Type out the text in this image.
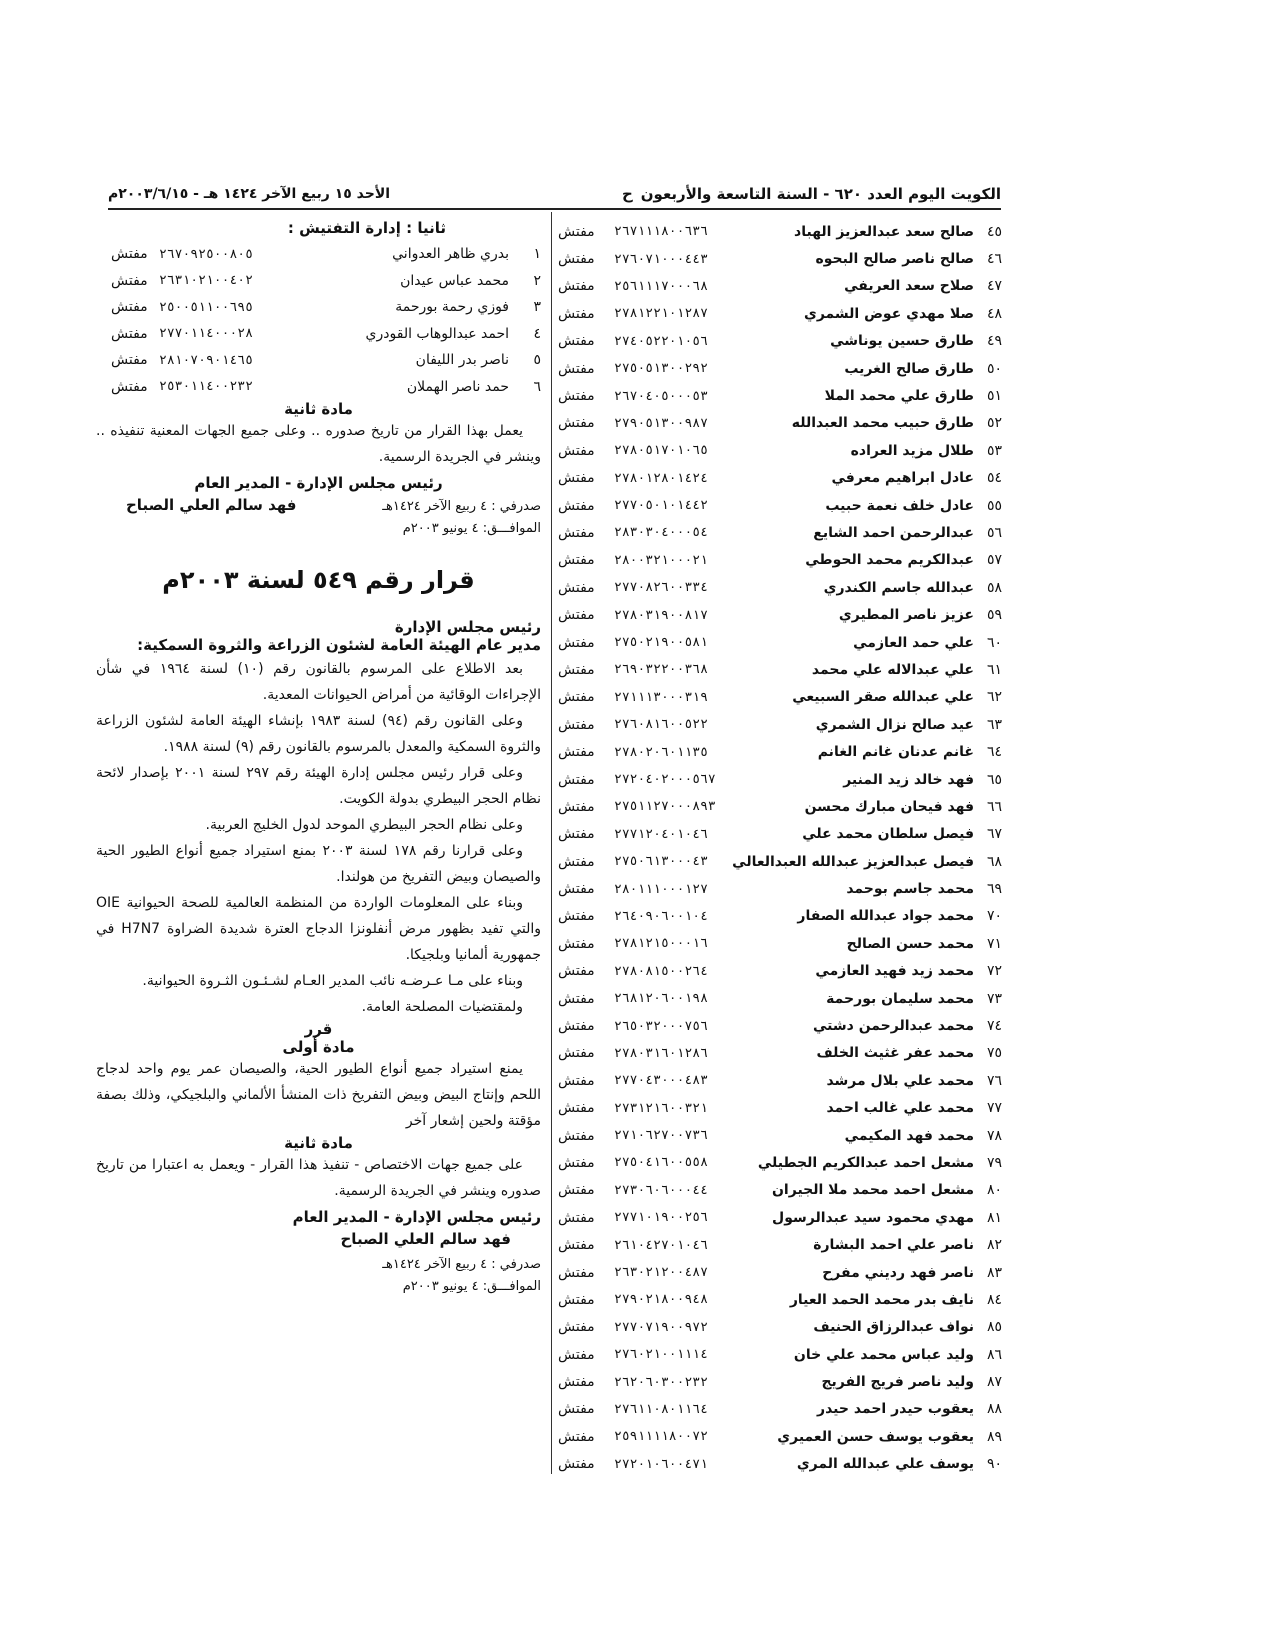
الكويت اليوم العدد ٦٢٠ - السنة التاسعة والأربعون
ح
الأحد ١٥ ربيع الآخر ١٤٢٤ هـ - ٢٠٠٣/٦/١٥م
٤٥
صالح سعد عبدالعزيز الهباد
٢٦٧١١١٨٠٠٦٣٦
مفتش
٤٦
صالح ناصر صالح البحوه
٢٧٦٠٧١٠٠٠٤٤٣
مفتش
٤٧
صلاح سعد العريفي
٢٥٦١١١٧٠٠٠٦٨
مفتش
٤٨
صلا مهدي عوض الشمري
٢٧٨١٢٢١٠١٢٨٧
مفتش
٤٩
طارق حسين يوناشي
٢٧٤٠٥٢٢٠١٠٥٦
مفتش
٥٠
طارق صالح الغريب
٢٧٥٠٥١٣٠٠٢٩٢
مفتش
٥١
طارق علي محمد الملا
٢٦٧٠٤٠٥٠٠٠٥٣
مفتش
٥٢
طارق حبيب محمد العبدالله
٢٧٩٠٥١٣٠٠٩٨٧
مفتش
٥٣
طلال مزيد العراده
٢٧٨٠٥١٧٠١٠٦٥
مفتش
٥٤
عادل ابراهيم معرفي
٢٧٨٠١٢٨٠١٤٢٤
مفتش
٥٥
عادل خلف نعمة حبيب
٢٧٧٠٥٠١٠١٤٤٢
مفتش
٥٦
عبدالرحمن احمد الشايع
٢٨٣٠٣٠٤٠٠٠٥٤
مفتش
٥٧
عبدالكريم محمد الحوطي
٢٨٠٠٣٢١٠٠٠٢١
مفتش
٥٨
عبدالله جاسم الكندري
٢٧٧٠٨٢٦٠٠٣٣٤
مفتش
٥٩
عزيز ناصر المطيري
٢٧٨٠٣١٩٠٠٨١٧
مفتش
٦٠
علي حمد العازمي
٢٧٥٠٢١٩٠٠٥٨١
مفتش
٦١
علي عبدالاله علي محمد
٢٦٩٠٣٢٢٠٠٣٦٨
مفتش
٦٢
علي عبدالله صقر السبيعي
٢٧١١١٣٠٠٠٣١٩
مفتش
٦٣
عيد صالح نزال الشمري
٢٧٦٠٨١٦٠٠٥٢٢
مفتش
٦٤
غانم عدنان غانم الغانم
٢٧٨٠٢٠٦٠١١٣٥
مفتش
٦٥
فهد خالد زيد المنير
٢٧٢٠٤٠٢٠٠٠٥٦٧
مفتش
٦٦
فهد فيحان مبارك محسن
٢٧٥١١٢٧٠٠٠٨٩٣
مفتش
٦٧
فيصل سلطان محمد علي
٢٧٧١٢٠٤٠١٠٤٦
مفتش
٦٨
فيصل عبدالعزيز عبدالله العبدالعالي
٢٧٥٠٦١٣٠٠٠٤٣
مفتش
٦٩
محمد جاسم بوحمد
٢٨٠١١١٠٠٠١٢٧
مفتش
٧٠
محمد جواد عبدالله الصفار
٢٦٤٠٩٠٦٠٠١٠٤
مفتش
٧١
محمد حسن الصالح
٢٧٨١٢١٥٠٠٠١٦
مفتش
٧٢
محمد زيد فهيد العازمي
٢٧٨٠٨١٥٠٠٢٦٤
مفتش
٧٣
محمد سليمان بورحمة
٢٦٨١٢٠٦٠٠١٩٨
مفتش
٧٤
محمد عبدالرحمن دشتي
٢٦٥٠٣٢٠٠٠٧٥٦
مفتش
٧٥
محمد عفر غثيث الخلف
٢٧٨٠٣١٦٠١٢٨٦
مفتش
٧٦
محمد علي بلال مرشد
٢٧٧٠٤٣٠٠٠٤٨٣
مفتش
٧٧
محمد علي غالب احمد
٢٧٣١٢١٦٠٠٣٢١
مفتش
٧٨
محمد فهد المكيمي
٢٧١٠٦٢٧٠٠٧٣٦
مفتش
٧٩
مشعل احمد عبدالكريم الجطيلي
٢٧٥٠٤١٦٠٠٥٥٨
مفتش
٨٠
مشعل احمد محمد ملا الجيران
٢٧٣٠٦٠٦٠٠٠٤٤
مفتش
٨١
مهدي محمود سيد عبدالرسول
٢٧٧١٠١٩٠٠٢٥٦
مفتش
٨٢
ناصر علي احمد البشارة
٢٦١٠٤٢٧٠١٠٤٦
مفتش
٨٣
ناصر فهد ردیني مفرح
٢٦٣٠٢١٢٠٠٤٨٧
مفتش
٨٤
نايف بدر محمد الحمد العيار
٢٧٩٠٢١٨٠٠٩٤٨
مفتش
٨٥
نواف عبدالرزاق الحنيف
٢٧٧٠٧١٩٠٠٩٧٢
مفتش
٨٦
وليد عباس محمد علي خان
٢٧٦٠٢١٠٠١١١٤
مفتش
٨٧
وليد ناصر فريج الفريج
٢٦٢٠٦٠٣٠٠٢٣٢
مفتش
٨٨
يعقوب حيدر احمد حيدر
٢٧٦١١٠٨٠١١٦٤
مفتش
٨٩
يعقوب يوسف حسن العميري
٢٥٩١١١١٨٠٠٧٢
مفتش
٩٠
يوسف علي عبدالله المري
٢٧٢٠١٠٦٠٠٤٧١
مفتش
ثانيا : إدارة التفتيش :
١
بدري ظاهر العدواني
٢٦٧٠٩٢٥٠٠٨٠٥
مفتش
٢
محمد عباس عيدان
٢٦٣١٠٢١٠٠٤٠٢
مفتش
٣
فوزي رحمة بورحمة
٢٥٠٠٥١١٠٠٦٩٥
مفتش
٤
احمد عبدالوهاب القودري
٢٧٧٠١١٤٠٠٠٢٨
مفتش
٥
ناصر بدر الليفان
٢٨١٠٧٠٩٠١٤٦٥
مفتش
٦
حمد ناصر الهملان
٢٥٣٠١١٤٠٠٢٣٢
مفتش
مادة ثانية
يعمل بهذا القرار من تاريخ صدوره .. وعلى جميع الجهات المعنية تنفيذه .. وينشر في الجريدة الرسمية.
رئيس مجلس الإدارة - المدير العام
صدرفي : ٤ ربيع الآخر ١٤٢٤هـ
الموافـــق: ٤ يونيو ٢٠٠٣م
فهد سالم العلي الصباح
قرار رقم ٥٤٩ لسنة ٢٠٠٣م
رئيس مجلس الإدارة
مدير عام الهيئة العامة لشئون الزراعة والثروة السمكية:
بعد الاطلاع على المرسوم بالقانون رقم (١٠) لسنة ١٩٦٤ في شأن الإجراءات الوقائية من أمراض الحيوانات المعدية.
وعلى القانون رقم (٩٤) لسنة ١٩٨٣ بإنشاء الهيئة العامة لشئون الزراعة والثروة السمكية والمعدل بالمرسوم بالقانون رقم (٩) لسنة ١٩٨٨.
وعلى قرار رئيس مجلس إدارة الهيئة رقم ٢٩٧ لسنة ٢٠٠١ بإصدار لائحة نظام الحجر البيطري بدولة الكويت.
وعلى نظام الحجر البيطري الموحد لدول الخليج العربية.
وعلى قرارنا رقم ١٧٨ لسنة ٢٠٠٣ بمنع استيراد جميع أنواع الطيور الحية والصيصان وبيض التفريخ من هولندا.
وبناء على المعلومات الواردة من المنظمة العالمية للصحة الحيوانية OIE والتي تفيد بظهور مرض أنفلونزا الدجاج العترة شديدة الضراوة H7N7 في جمهورية ألمانيا وبلجيكا.
وبناء على مـا عـرضـه نائب المدير العـام لشـئـون الثـروة الحيوانية.
ولمقتضيات المصلحة العامة.
قرر
مادة أولى
يمنع استيراد جميع أنواع الطيور الحية، والصيصان عمر يوم واحد لدجاج اللحم وإنتاج البيض وبيض التفريخ ذات المنشأ الألماني والبلجيكي، وذلك بصفة مؤقتة ولحين إشعار آخر
مادة ثانية
على جميع جهات الاختصاص - تنفيذ هذا القرار - ويعمل به اعتبارا من تاريخ صدوره وينشر في الجريدة الرسمية.
رئيس مجلس الإدارة - المدير العام
فهد سالم العلي الصباح
صدرفي : ٤ ربيع الآخر ١٤٢٤هـ
الموافـــق: ٤ يونيو ٢٠٠٣م
